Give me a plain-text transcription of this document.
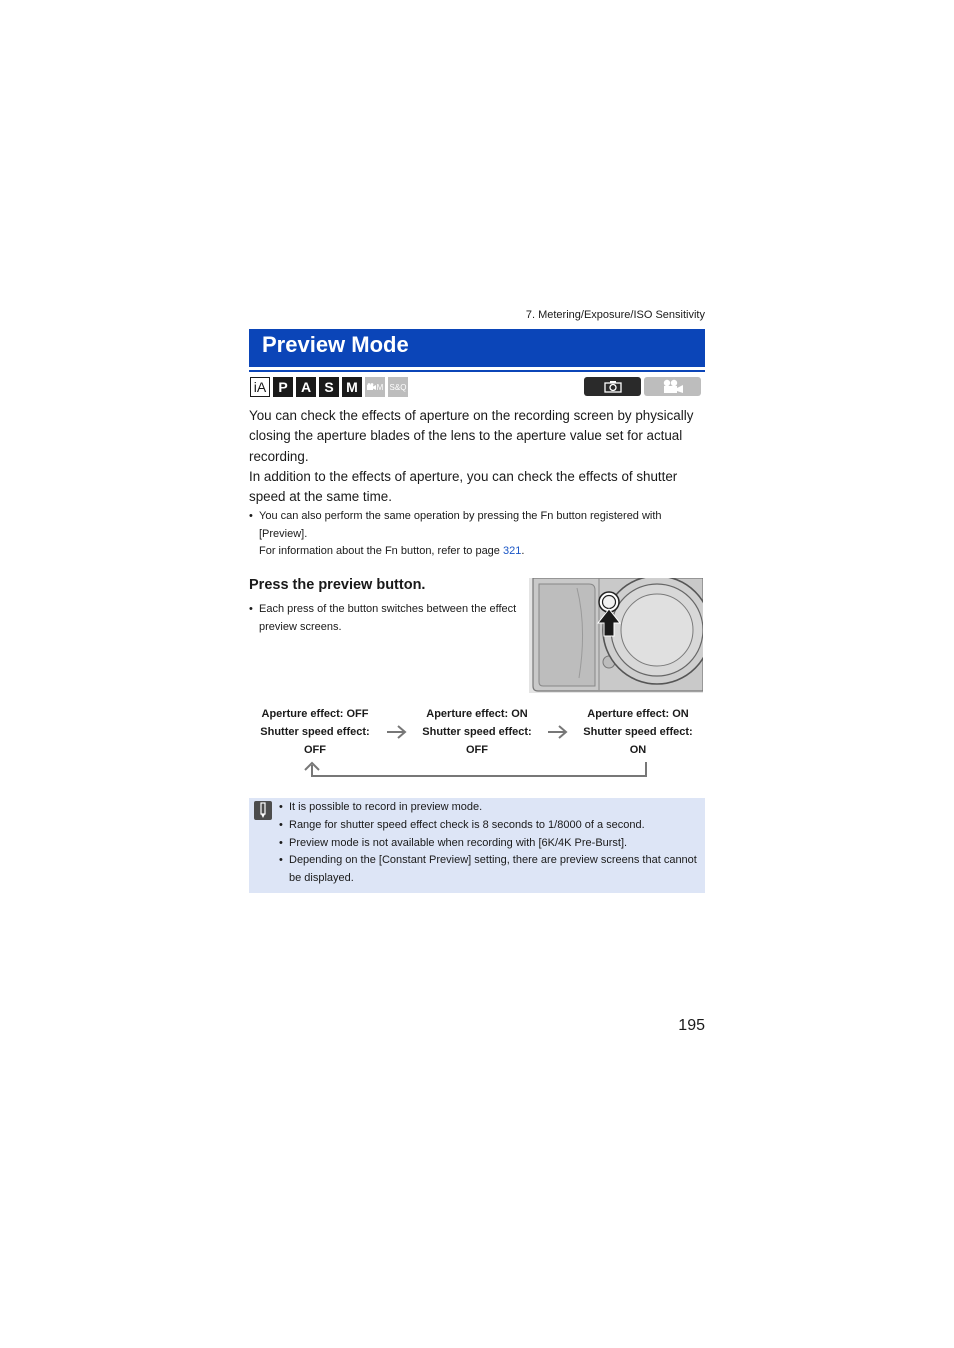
7. Metering/Exposure/ISO Sensitivity
Preview Mode
iA P A S M	M S&Q
You can check the effects of aperture on the recording screen by physically closing the aperture blades of the lens to the aperture value set for actual recording.
In addition to the effects of aperture, you can check the effects of shutter speed at the same time.
• You can also perform the same operation by pressing the Fn button registered with [Preview].
For information about the Fn button, refer to page 321.
Press the preview button.
• Each press of the button switches between the effect preview screens.
Aperture effect: OFF
Shutter speed effect:
OFF
Aperture effect: ON
Shutter speed effect:
OFF
Aperture effect: ON
Shutter speed effect:
ON
• It is possible to record in preview mode.
• Range for shutter speed effect check is 8 seconds to 1/8000 of a second.
• Preview mode is not available when recording with [6K/4K Pre-Burst].
• Depending on the [Constant Preview] setting, there are preview screens that cannot be displayed.
195
